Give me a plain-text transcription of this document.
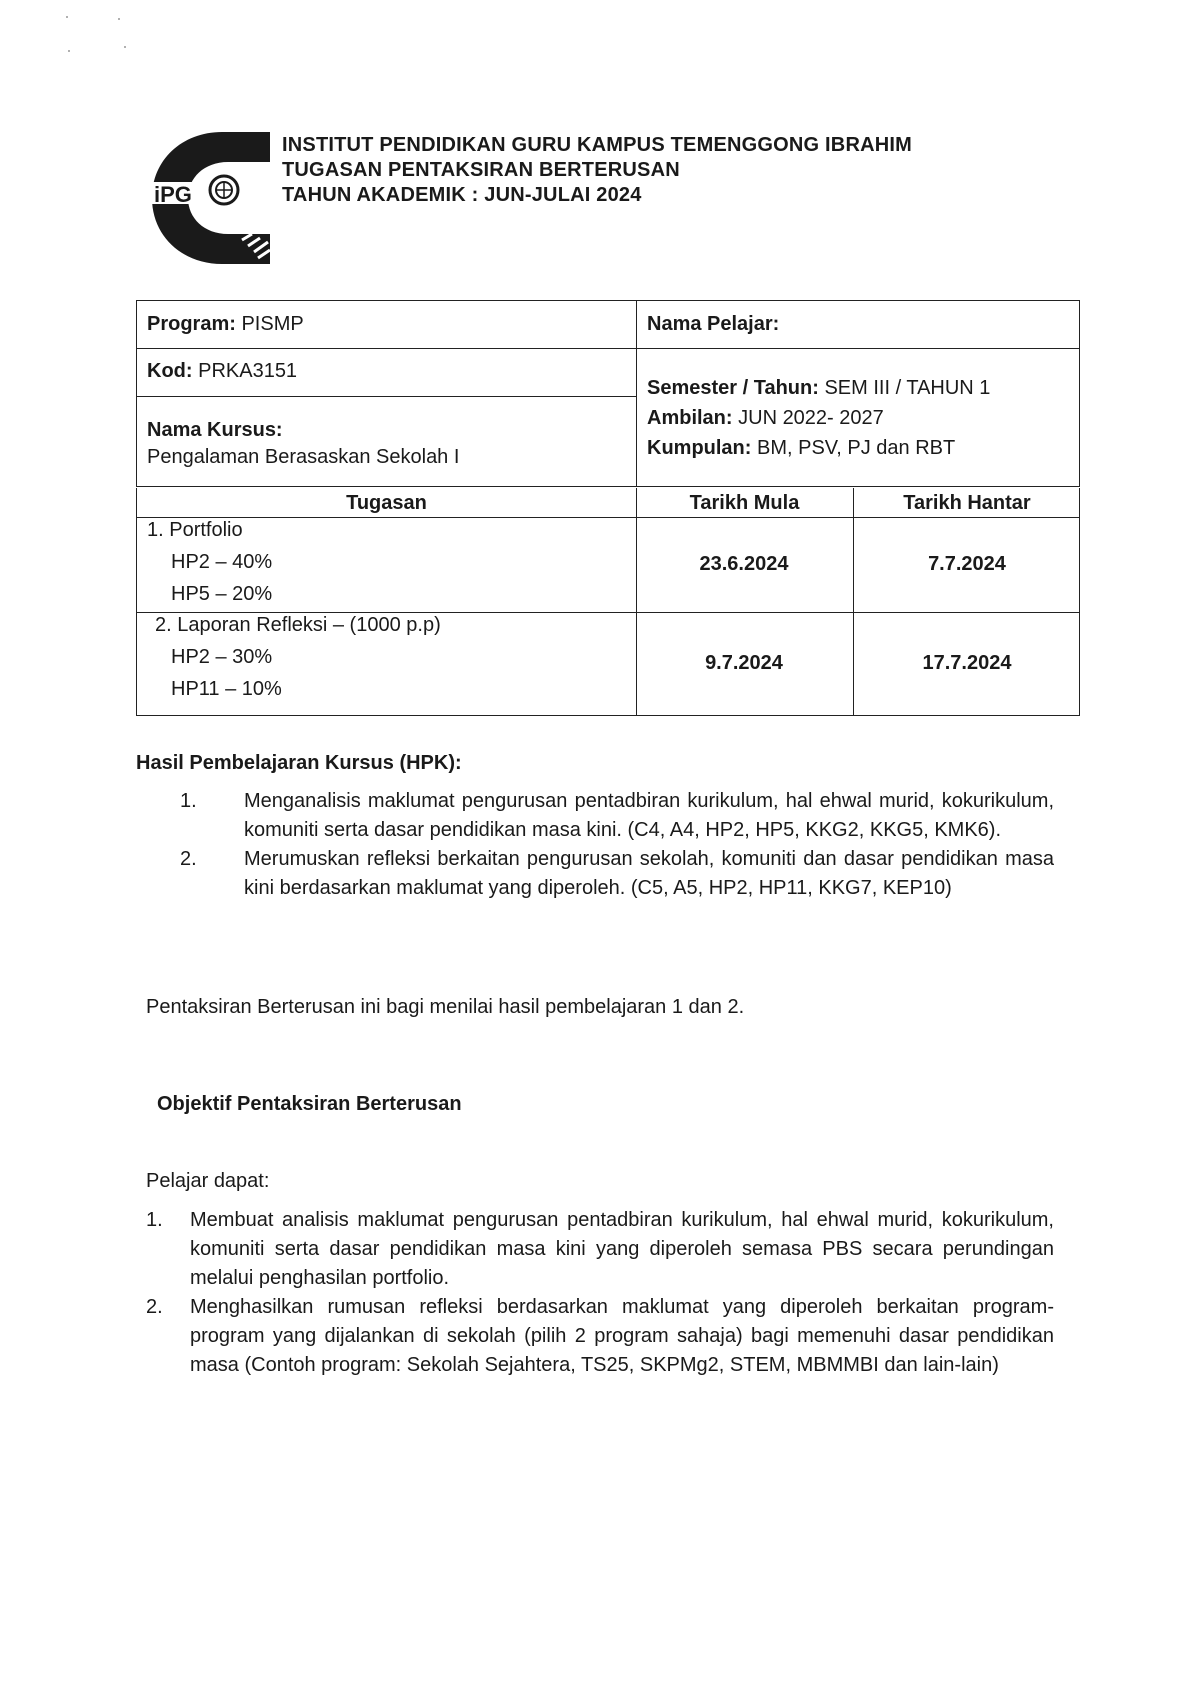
iPG
INSTITUT PENDIDIKAN GURU KAMPUS TEMENGGONG IBRAHIM
TUGASAN PENTAKSIRAN BERTERUSAN
TAHUN AKADEMIK : JUN-JULAI 2024
Program: PISMP	Nama Pelajar:
Kod: PRKA3151
Nama Kursus:
Pengalaman Berasaskan Sekolah I
Semester / Tahun: SEM III / TAHUN 1
Ambilan: JUN 2022- 2027
Kumpulan: BM, PSV, PJ dan RBT
Tugasan	Tarikh Mula	Tarikh Hantar
1. Portfolio
HP2 – 40%
HP5 – 20%
23.6.2024	7.7.2024
2. Laporan Refleksi – (1000 p.p)
HP2 – 30%
HP11 – 10%
9.7.2024	17.7.2024
Hasil Pembelajaran Kursus (HPK):
1.	Menganalisis maklumat pengurusan pentadbiran kurikulum, hal ehwal murid, kokurikulum, komuniti serta dasar pendidikan masa kini. (C4, A4, HP2, HP5, KKG2, KKG5, KMK6).
2.	Merumuskan refleksi berkaitan pengurusan sekolah, komuniti dan dasar pendidikan masa kini berdasarkan maklumat yang diperoleh. (C5, A5, HP2, HP11, KKG7, KEP10)
Pentaksiran Berterusan ini bagi menilai hasil pembelajaran 1 dan 2.
Objektif Pentaksiran Berterusan
Pelajar dapat:
1.	Membuat analisis maklumat pengurusan pentadbiran kurikulum, hal ehwal murid, kokurikulum, komuniti serta dasar pendidikan masa kini yang diperoleh semasa PBS secara perundingan melalui penghasilan portfolio.
2.	Menghasilkan rumusan refleksi berdasarkan maklumat yang diperoleh berkaitan program-program yang dijalankan di sekolah (pilih 2 program sahaja) bagi memenuhi dasar pendidikan masa (Contoh program: Sekolah Sejahtera, TS25, SKPMg2, STEM, MBMMBI dan lain-lain)
